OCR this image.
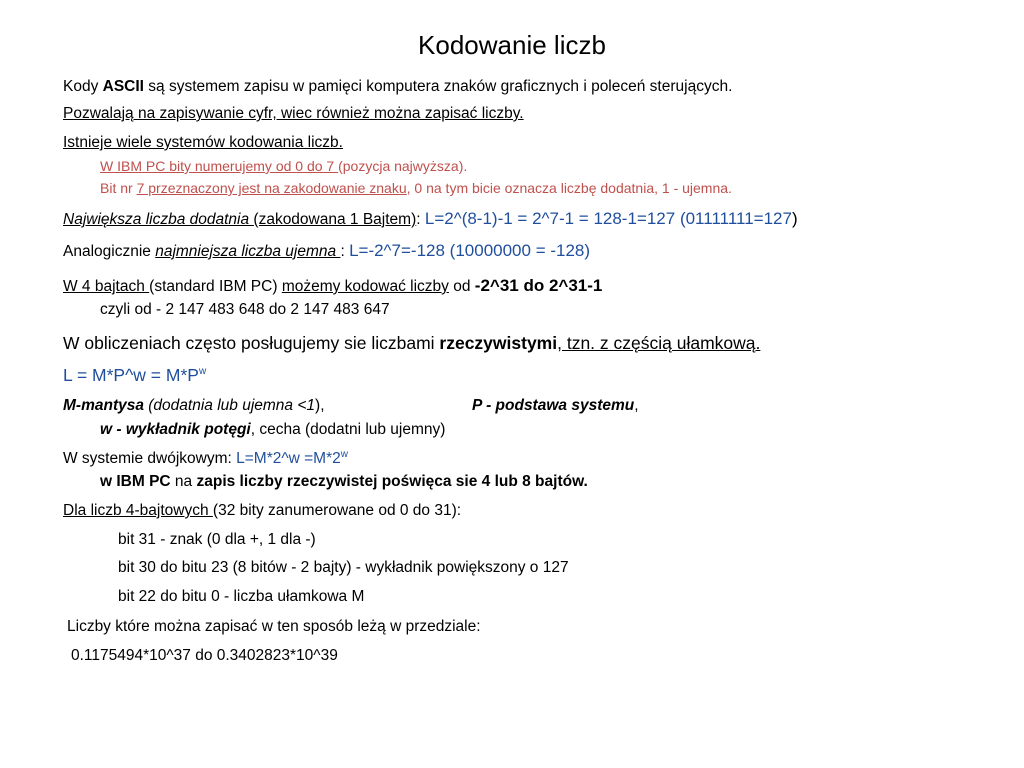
Kodowanie liczb
Kody ASCII są systemem zapisu w pamięci komputera znaków graficznych i poleceń sterujących.
Pozwalają na zapisywanie cyfr, wiec również można zapisać liczby.
Istnieje wiele systemów kodowania liczb.
W IBM PC bity numerujemy od 0 do 7 (pozycja najwyższa).
Bit nr 7 przeznaczony jest na zakodowanie znaku, 0 na tym bicie oznacza liczbę dodatnia, 1 - ujemna.
Największa liczba dodatnia (zakodowana 1 Bajtem): L=2^(8-1)-1 = 2^7-1 = 128-1=127 (01111111=127)
Analogicznie najmniejsza liczba ujemna : L=-2^7=-128 (10000000 = -128)
W 4 bajtach (standard IBM PC) możemy kodować liczby od -2^31 do 2^31-1
czyli od - 2 147 483 648 do 2 147 483 647
W obliczeniach często posługujemy sie liczbami rzeczywistymi, tzn. z częścią ułamkową.
L = M*P^w = $M*P^w$
M-mantysa (dodatnia lub ujemna <1),	P - podstawa systemu,
w - wykładnik potęgi, cecha (dodatni lub ujemny)
W systemie dwójkowym: L=M*2^w $=M*2^w$
w IBM PC na zapis liczby rzeczywistej poświęca sie 4 lub 8 bajtów.
Dla liczb 4-bajtowych (32 bity zanumerowane od 0 do 31):
bit 31 - znak (0 dla +, 1 dla -)
bit 30 do bitu 23 (8 bitów - 2 bajty) - wykładnik powiększony o 127
bit 22 do bitu 0 - liczba ułamkowa M
Liczby które można zapisać w ten sposób leżą w przedziale:
0.1175494*10^37 do 0.3402823*10^39
